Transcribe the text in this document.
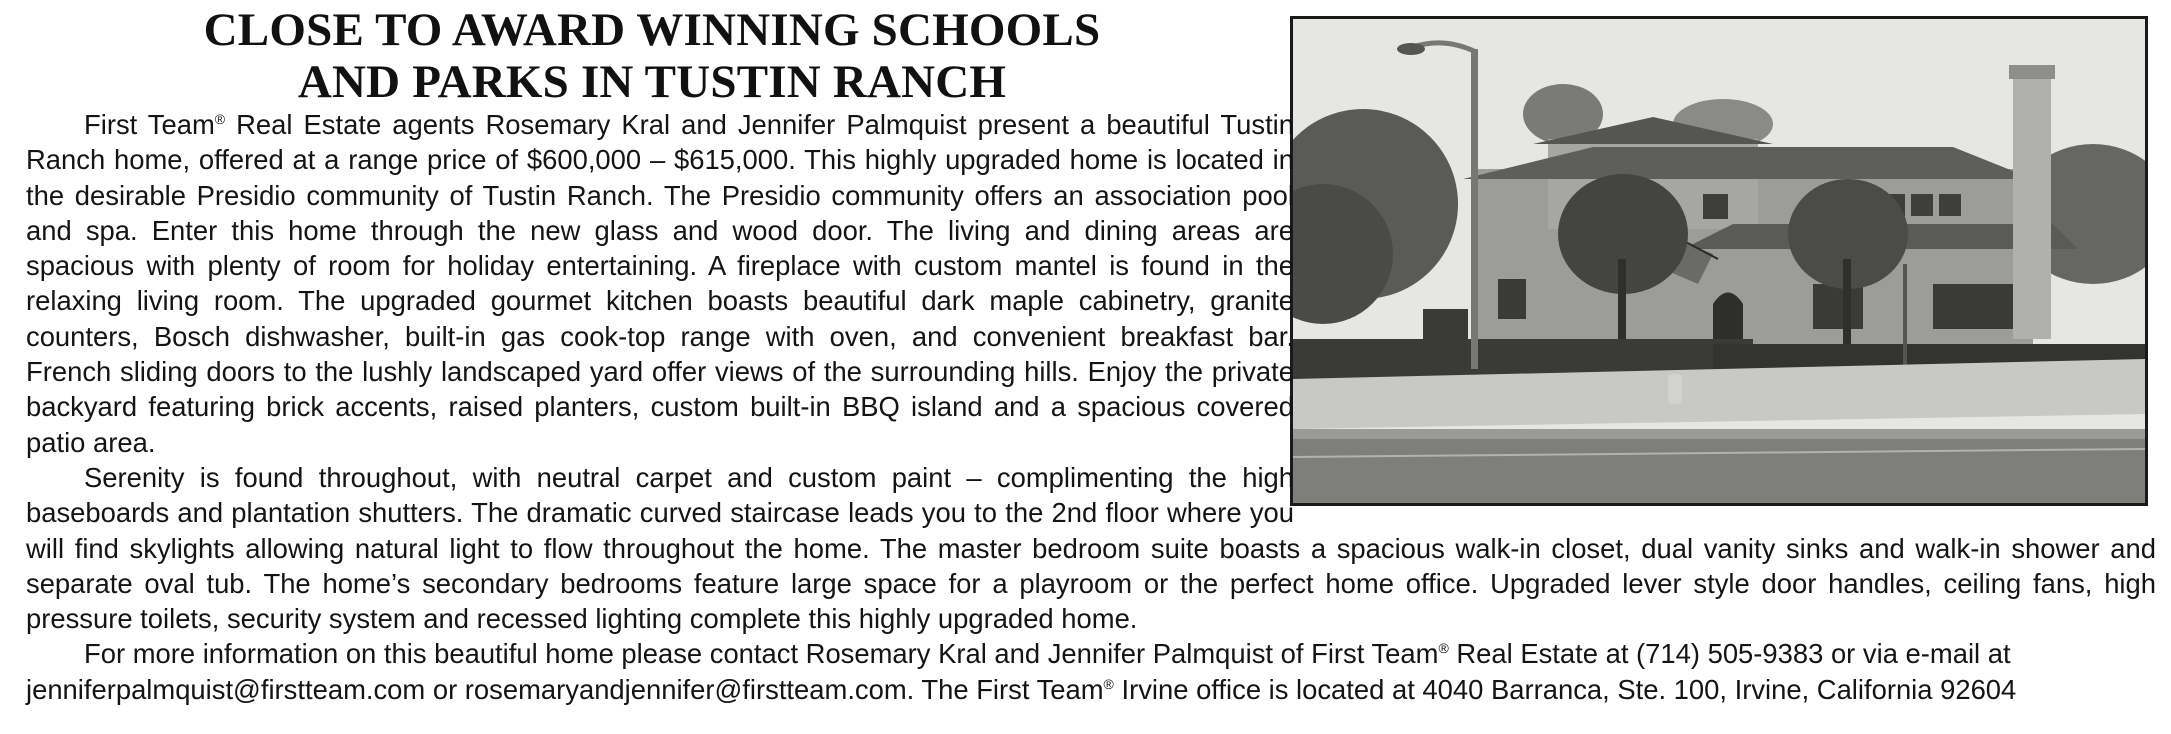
CLOSE TO AWARD WINNING SCHOOLS
AND PARKS IN TUSTIN RANCH

First Team® Real Estate agents Rosemary Kral and Jennifer Palmquist present a beautiful Tustin Ranch home, offered at a range price of $600,000 – $615,000. This highly upgraded home is located in the desirable Presidio community of Tustin Ranch. The Presidio community offers an association pool and spa. Enter this home through the new glass and wood door. The living and dining areas are spacious with plenty of room for holiday entertaining. A fireplace with custom mantel is found in the relaxing living room. The upgraded gourmet kitchen boasts beautiful dark maple cabinetry, granite counters, Bosch dishwasher, built-in gas cook-top range with oven, and convenient breakfast bar. French sliding doors to the lushly landscaped yard offer views of the surrounding hills. Enjoy the private backyard featuring brick accents, raised planters, custom built-in BBQ island and a spacious covered patio area.

Serenity is found throughout, with neutral carpet and custom paint – complimenting the high baseboards and plantation shutters. The dramatic curved staircase leads you to the 2nd floor where you will find skylights allowing natural light to flow throughout the home. The master bedroom suite boasts a spacious walk-in closet, dual vanity sinks and walk-in shower and separate oval tub. The home’s secondary bedrooms feature large space for a playroom or the perfect home office. Upgraded lever style door handles, ceiling fans, high pressure toilets, security system and recessed lighting complete this highly upgraded home.

For more information on this beautiful home please contact Rosemary Kral and Jennifer Palmquist of First Team® Real Estate at (714) 505-9383 or via e-mail at jenniferpalmquist@firstteam.com or rosemaryandjennifer@firstteam.com. The First Team® Irvine office is located at 4040 Barranca, Ste. 100, Irvine, California 92604
